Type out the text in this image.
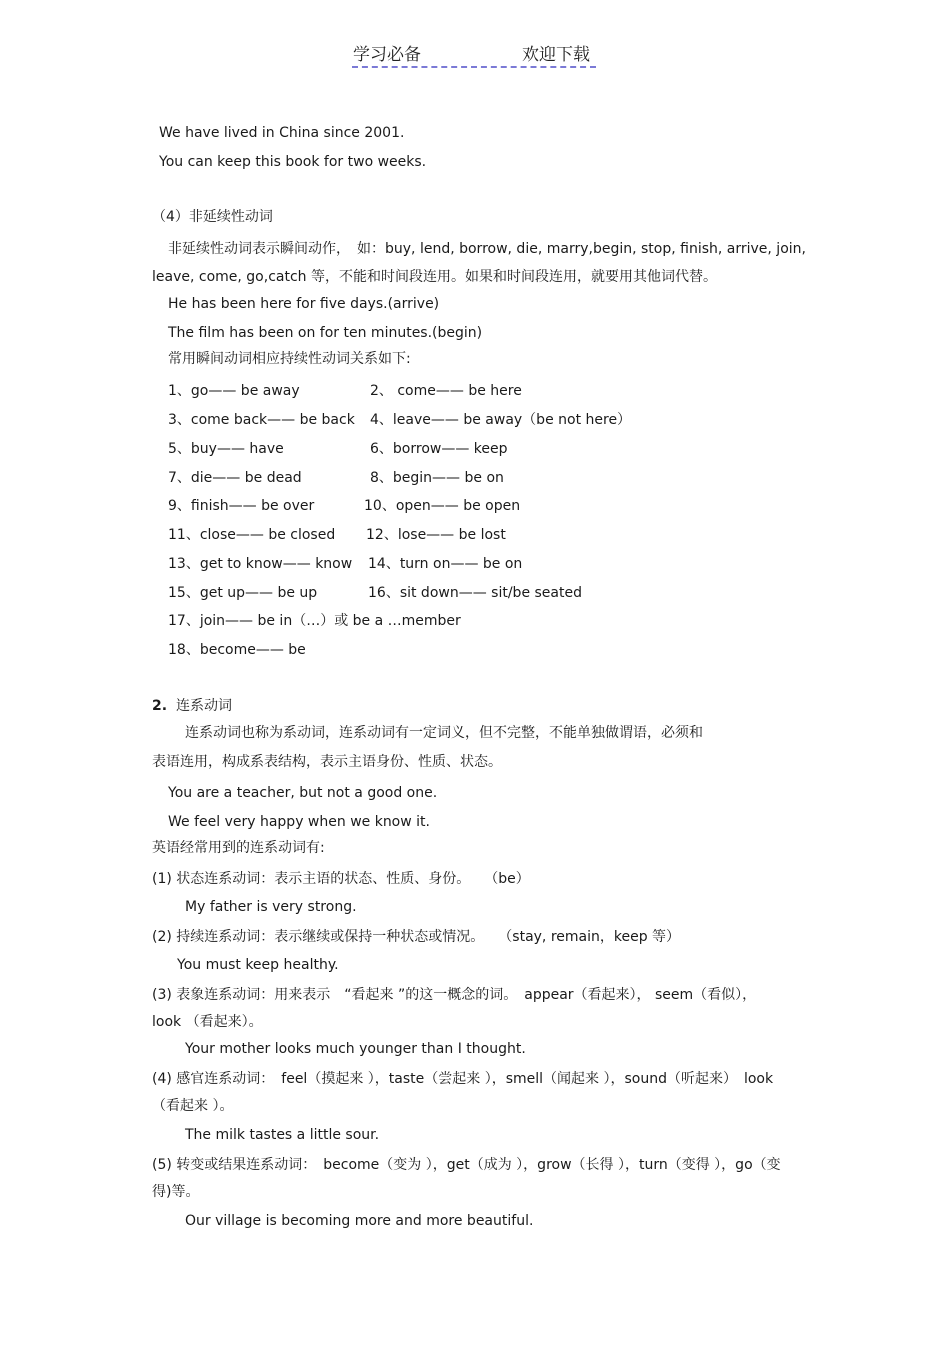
学习必备	欢迎下载
We have lived in China since 2001.
You can keep this book for two weeks.
（4）非延续性动词
非延续性动词表示瞬间动作，　如：buy, lend, borrow, die, marry,begin, stop, finish, arrive, join,
leave, come, go,catch 等，不能和时间段连用。如果和时间段连用，就要用其他词代替。
He has been here for five days.(arrive)
The film has been on for ten minutes.(begin)
常用瞬间动词相应持续性动词关系如下:
1、go—— be away	2、 come—— be here
3、come back—— be back 4、leave—— be away（be not here）
5、buy—— have	6、borrow—— keep
7、die—— be dead	8、begin—— be on
9、finish—— be over	10、open—— be open
11、close—— be closed 12、lose—— be lost
13、get to know—— know 14、turn on—— be on
15、get up—— be up	16、sit down—— sit/be seated
17、join—— be in（…）或 be a …member
18、become—— be
2. 连系动词
连系动词也称为系动词，连系动词有一定词义，但不完整，不能单独做谓语，必须和
表语连用，构成系表结构，表示主语身份、性质、状态。
You are a teacher, but not a good one.
We feel very happy when we know it.
英语经常用到的连系动词有:
(1) 状态连系动词：表示主语的状态、性质、身份。　　（be）
My father is very strong.
(2) 持续连系动词：表示继续或保持一种状态或情况。　　（stay, remain，keep 等）
You must keep healthy.
(3) 表象连系动词：用来表示　“看起来 ”的这一概念的词。　appear（看起来）， seem（看似），
look （看起来）。
Your mother looks much younger than I thought.
(4) 感官连系动词：　feel（摸起来 ），taste（尝起来 ），smell（闻起来 ），sound（听起来）　look
（看起来 ）。
The milk tastes a little sour.
(5) 转变或结果连系动词：　become（变为 ），get（成为 ），grow（长得 ），turn（变得 ），go（变
得)等。
Our village is becoming more and more beautiful.
